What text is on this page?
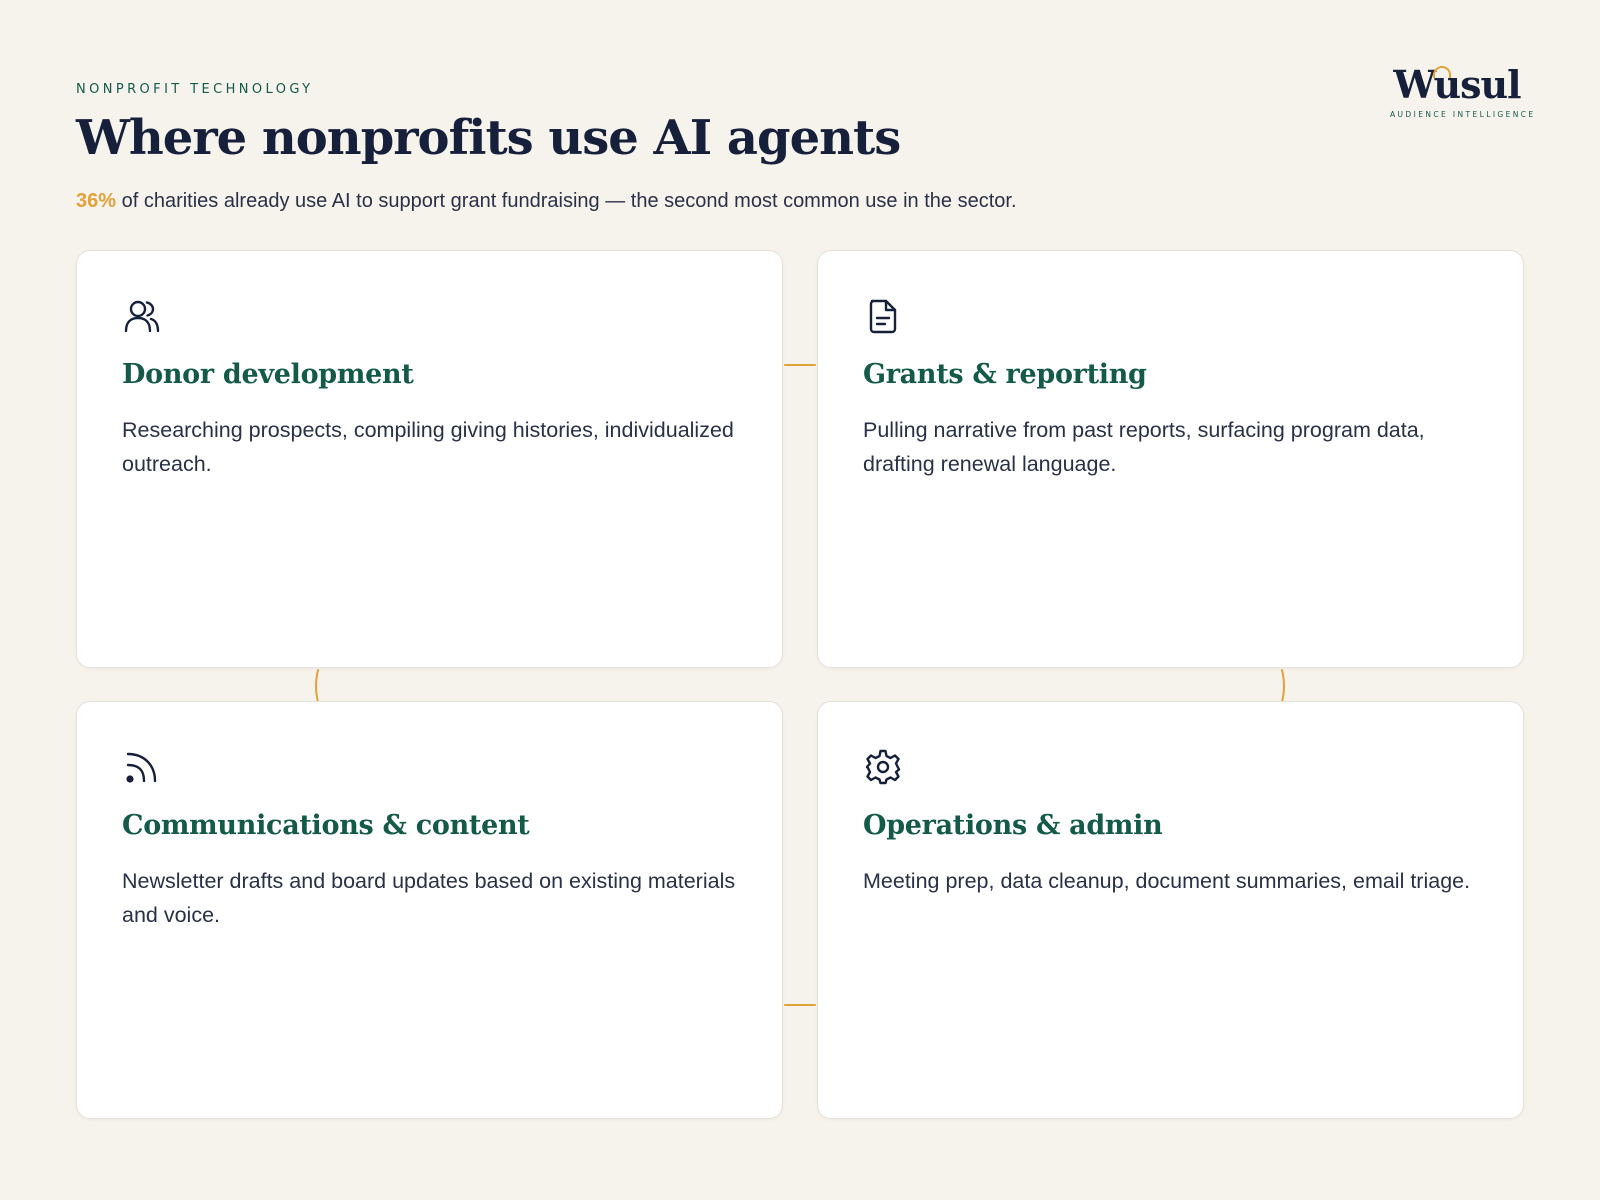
NONPROFIT TECHNOLOGY
Where nonprofits use AI agents

36% of charities already use AI to support grant fundraising — the second most common use in the sector.

Wusul
AUDIENCE INTELLIGENCE
Donor development
Researching prospects, compiling giving histories, individualized outreach.
Grants & reporting
Pulling narrative from past reports, surfacing program data, drafting renewal language.
Communications & content
Newsletter drafts and board updates based on existing materials and voice.
Operations & admin
Meeting prep, data cleanup, document summaries, email triage.
